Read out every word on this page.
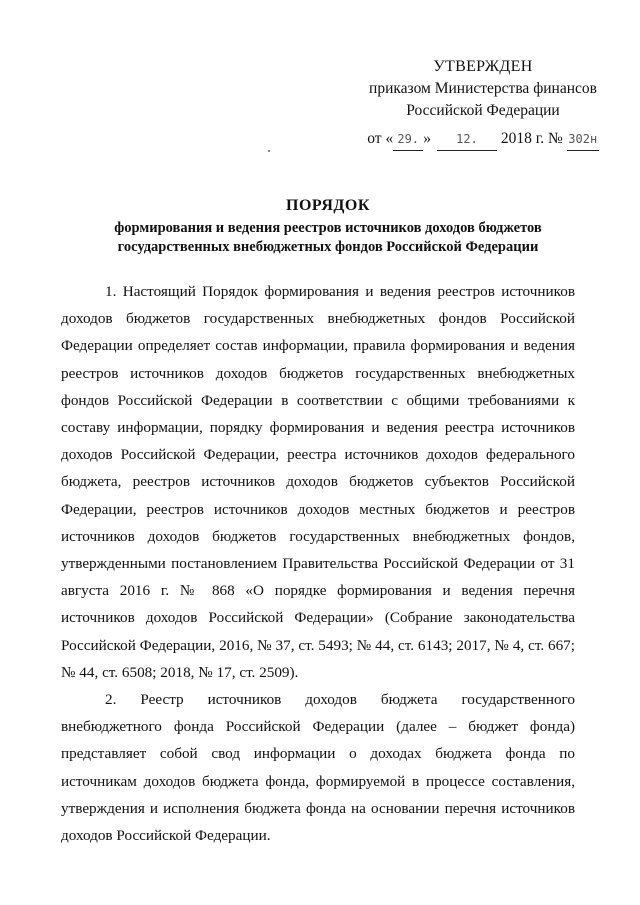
УТВЕРЖДЕН
приказом Министерства финансов
Российской Федерации
от « 29. » 12. 2018 г. № 302н
ПОРЯДОК
формирования и ведения реестров источников доходов бюджетов
государственных внебюджетных фондов Российской Федерации

1. Настоящий Порядок формирования и ведения реестров источников доходов бюджетов государственных внебюджетных фондов Российской Федерации определяет состав информации, правила формирования и ведения реестров источников доходов бюджетов государственных внебюджетных фондов Российской Федерации в соответствии с общими требованиями к составу информации, порядку формирования и ведения реестра источников доходов Российской Федерации, реестра источников доходов федерального бюджета, реестров источников доходов бюджетов субъектов Российской Федерации, реестров источников доходов местных бюджетов и реестров источников доходов бюджетов государственных внебюджетных фондов, утвержденными постановлением Правительства Российской Федерации от 31 августа 2016 г. № 868 «О порядке формирования и ведения перечня источников доходов Российской Федерации» (Собрание законодательства Российской Федерации, 2016, № 37, ст. 5493; № 44, ст. 6143; 2017, № 4, ст. 667; № 44, ст. 6508; 2018, № 17, ст. 2509).

2. Реестр источников доходов бюджета государственного внебюджетного фонда Российской Федерации (далее – бюджет фонда) представляет собой свод информации о доходах бюджета фонда по источникам доходов бюджета фонда, формируемой в процессе составления, утверждения и исполнения бюджета фонда на основании перечня источников доходов Российской Федерации.
